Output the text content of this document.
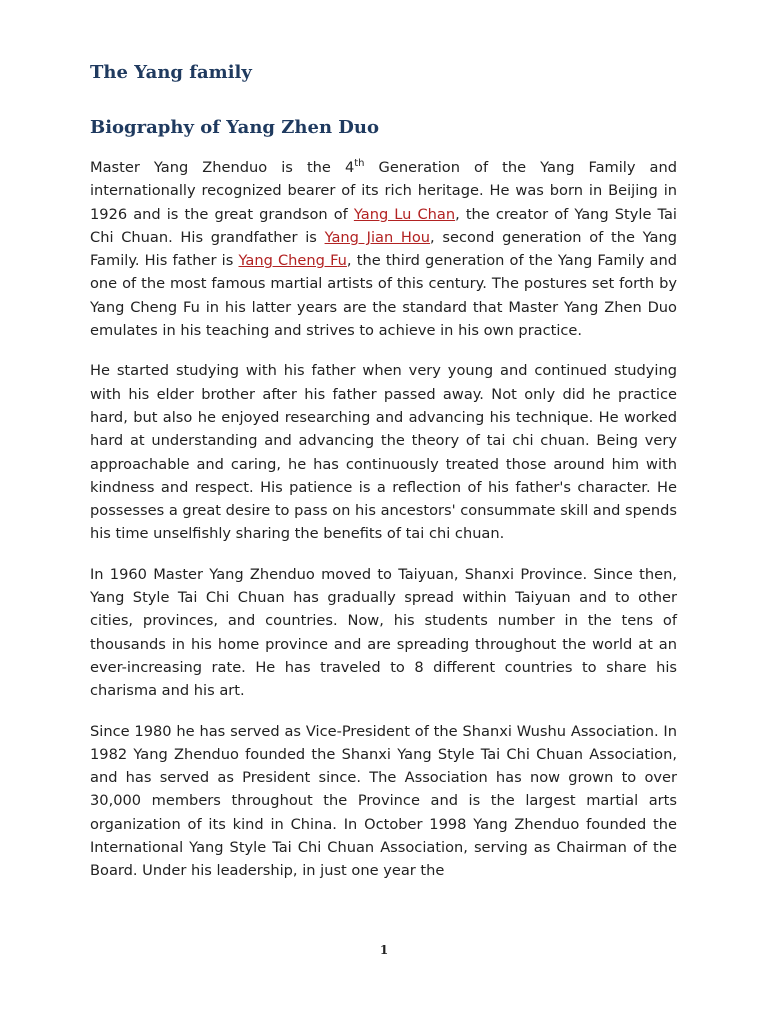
The Yang family
Biography of Yang Zhen Duo

Master Yang Zhenduo is the 4th Generation of the Yang Family and internationally recognized bearer of its rich heritage. He was born in Beijing in 1926 and is the great grandson of Yang Lu Chan, the creator of Yang Style Tai Chi Chuan. His grandfather is Yang Jian Hou, second generation of the Yang Family. His father is Yang Cheng Fu, the third generation of the Yang Family and one of the most famous martial artists of this century. The postures set forth by Yang Cheng Fu in his latter years are the standard that Master Yang Zhen Duo emulates in his teaching and strives to achieve in his own practice.

He started studying with his father when very young and continued studying with his elder brother after his father passed away. Not only did he practice hard, but also he enjoyed researching and advancing his technique. He worked hard at understanding and advancing the theory of tai chi chuan. Being very approachable and caring, he has continuously treated those around him with kindness and respect. His patience is a reflection of his father's character. He possesses a great desire to pass on his ancestors' consummate skill and spends his time unselfishly sharing the benefits of tai chi chuan.

In 1960 Master Yang Zhenduo moved to Taiyuan, Shanxi Province. Since then, Yang Style Tai Chi Chuan has gradually spread within Taiyuan and to other cities, provinces, and countries. Now, his students number in the tens of thousands in his home province and are spreading throughout the world at an ever-increasing rate. He has traveled to 8 different countries to share his charisma and his art.

Since 1980 he has served as Vice-President of the Shanxi Wushu Association. In 1982 Yang Zhenduo founded the Shanxi Yang Style Tai Chi Chuan Association, and has served as President since. The Association has now grown to over 30,000 members throughout the Province and is the largest martial arts organization of its kind in China. In October 1998 Yang Zhenduo founded the International Yang Style Tai Chi Chuan Association, serving as Chairman of the Board. Under his leadership, in just one year the

1
